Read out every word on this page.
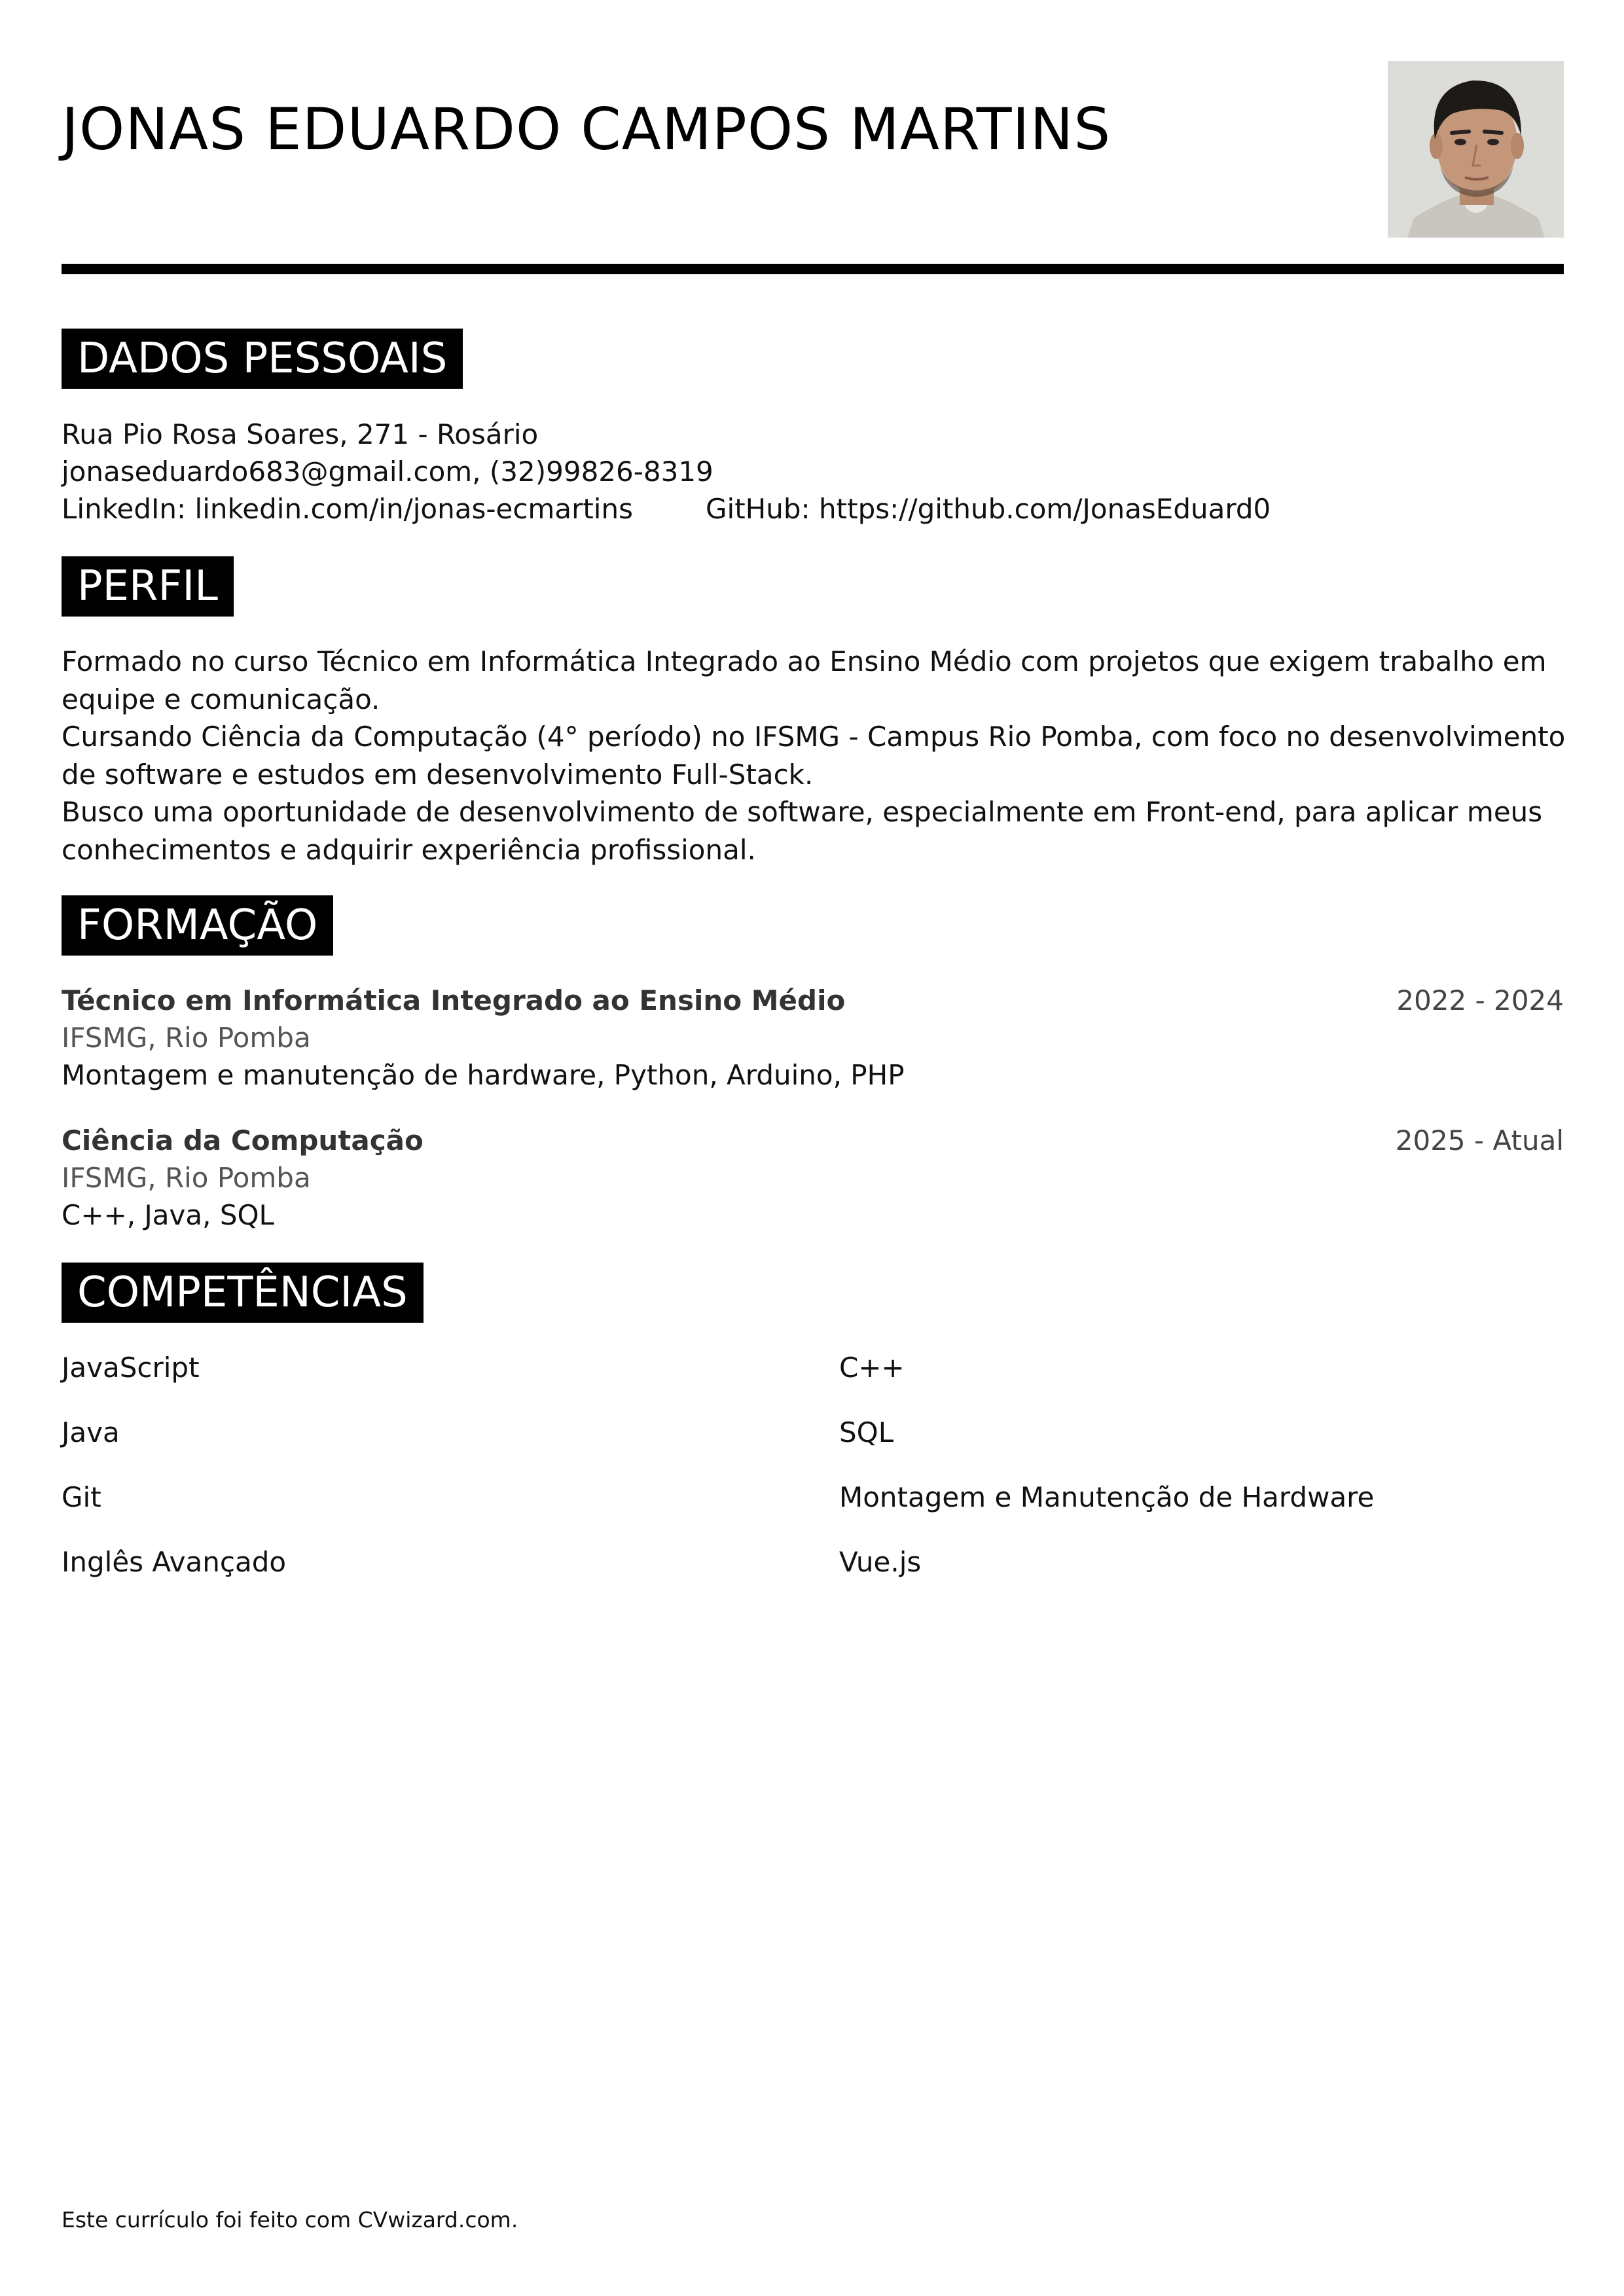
JONAS EDUARDO CAMPOS MARTINS
DADOS PESSOAIS
Rua Pio Rosa Soares, 271 - Rosário
jonaseduardo683@gmail.com, (32)99826-8319
LinkedIn: linkedin.com/in/jonas-ecmartins	GitHub: https://github.com/JonasEduard0
PERFIL

Formado no curso Técnico em Informática Integrado ao Ensino Médio com projetos que exigem trabalho em equipe e comunicação.

Cursando Ciência da Computação (4° período) no IFSMG - Campus Rio Pomba, com foco no desenvolvimento de software e estudos em desenvolvimento Full-Stack.

Busco uma oportunidade de desenvolvimento de software, especialmente em Front-end, para aplicar meus conhecimentos e adquirir experiência profissional.

FORMAÇÃO
Técnico em Informática Integrado ao Ensino Médio	2022 - 2024
IFSMG, Rio Pomba
Montagem e manutenção de hardware, Python, Arduino, PHP
Ciência da Computação	2025 - Atual
IFSMG, Rio Pomba
C++, Java, SQL
COMPETÊNCIAS
JavaScript	C++
Java	SQL
Git	Montagem e Manutenção de Hardware
Inglês Avançado	Vue.js
Este currículo foi feito com CVwizard.com.
